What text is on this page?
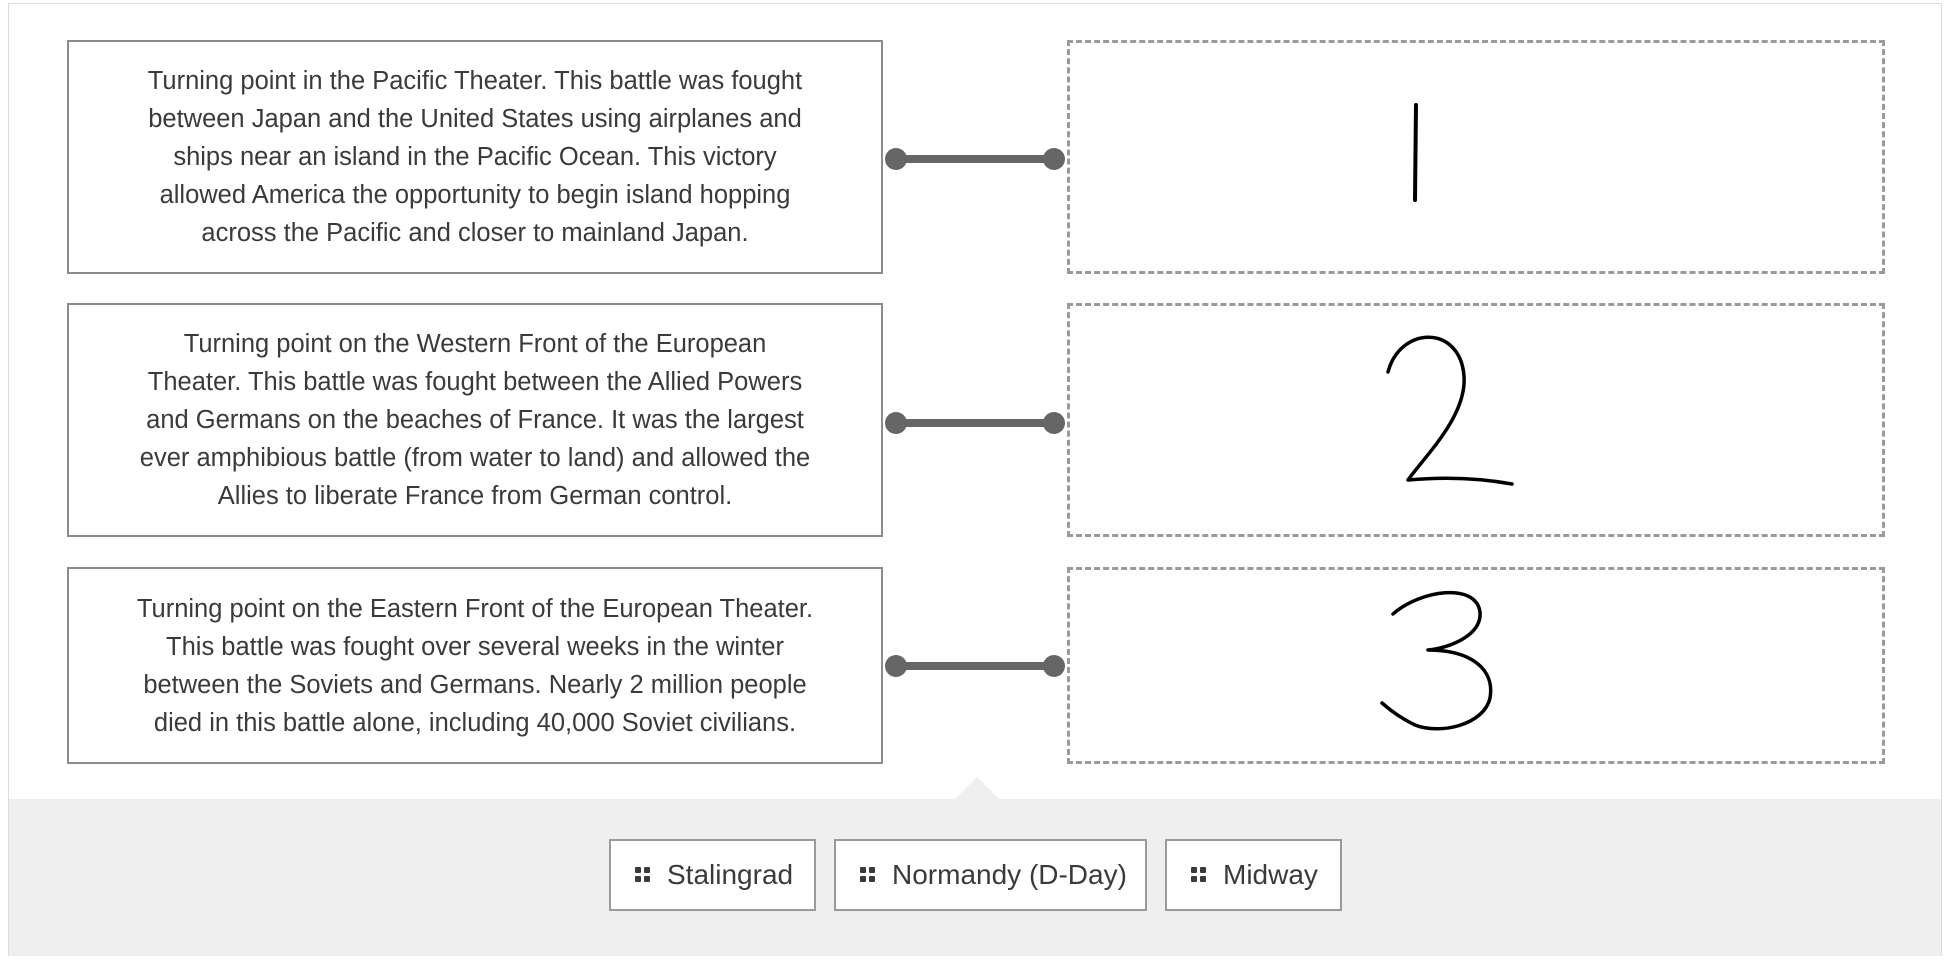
Turning point in the Pacific Theater. This battle was fought
between Japan and the United States using airplanes and
ships near an island in the Pacific Ocean. This victory
allowed America the opportunity to begin island hopping
across the Pacific and closer to mainland Japan.
Turning point on the Western Front of the European
Theater. This battle was fought between the Allied Powers
and Germans on the beaches of France. It was the largest
ever amphibious battle (from water to land) and allowed the
Allies to liberate France from German control.
Turning point on the Eastern Front of the European Theater.
This battle was fought over several weeks in the winter
between the Soviets and Germans. Nearly 2 million people
died in this battle alone, including 40,000 Soviet civilians.
Stalingrad	Normandy (D-Day)	Midway
